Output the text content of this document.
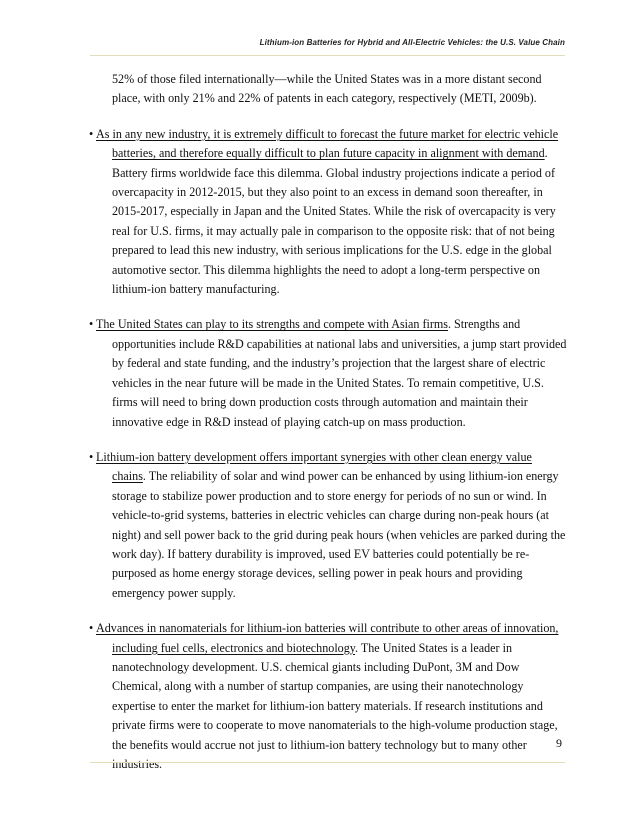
Lithium-ion Batteries for Hybrid and All-Electric Vehicles: the U.S. Value Chain

52% of those filed internationally—while the United States was in a more distant second place, with only 21% and 22% of patents in each category, respectively (METI, 2009b).

• As in any new industry, it is extremely difficult to forecast the future market for electric vehicle batteries, and therefore equally difficult to plan future capacity in alignment with demand. Battery firms worldwide face this dilemma. Global industry projections indicate a period of overcapacity in 2012-2015, but they also point to an excess in demand soon thereafter, in 2015-2017, especially in Japan and the United States. While the risk of overcapacity is very real for U.S. firms, it may actually pale in comparison to the opposite risk: that of not being prepared to lead this new industry, with serious implications for the U.S. edge in the global automotive sector. This dilemma highlights the need to adopt a long-term perspective on lithium-ion battery manufacturing.

• The United States can play to its strengths and compete with Asian firms. Strengths and opportunities include R&D capabilities at national labs and universities, a jump start provided by federal and state funding, and the industry’s projection that the largest share of electric vehicles in the near future will be made in the United States. To remain competitive, U.S. firms will need to bring down production costs through automation and maintain their innovative edge in R&D instead of playing catch-up on mass production.

• Lithium-ion battery development offers important synergies with other clean energy value chains. The reliability of solar and wind power can be enhanced by using lithium-ion energy storage to stabilize power production and to store energy for periods of no sun or wind. In vehicle-to-grid systems, batteries in electric vehicles can charge during non-peak hours (at night) and sell power back to the grid during peak hours (when vehicles are parked during the work day). If battery durability is improved, used EV batteries could potentially be re-purposed as home energy storage devices, selling power in peak hours and providing emergency power supply.

• Advances in nanomaterials for lithium-ion batteries will contribute to other areas of innovation, including fuel cells, electronics and biotechnology. The United States is a leader in nanotechnology development. U.S. chemical giants including DuPont, 3M and Dow Chemical, along with a number of startup companies, are using their nanotechnology expertise to enter the market for lithium-ion battery materials. If research institutions and private firms were to cooperate to move nanomaterials to the high-volume production stage, the benefits would accrue not just to lithium-ion battery technology but to many other industries.

9
